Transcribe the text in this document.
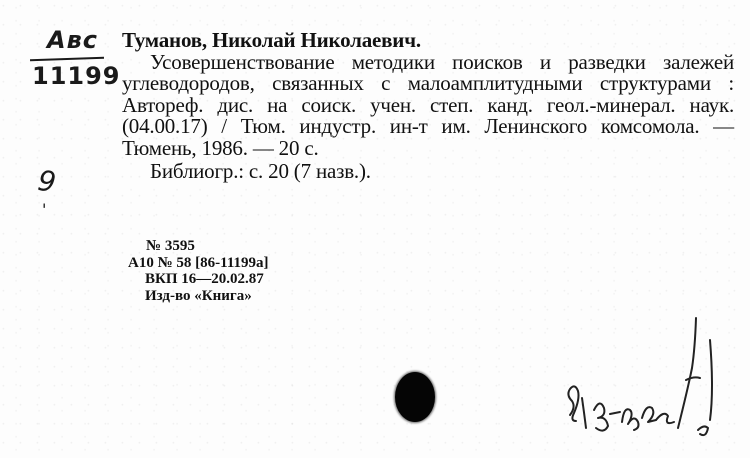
Авс
11199
9
'
Туманов, Николай Николаевич.
Усовершенствование методики поисков и разведки залежей углеводородов, связанных с малоамплитудными структурами : Автореф. дис. на соиск. учен. степ. канд. геол.-минерал. наук. (04.00.17) / Тюм. индустр. ин-т им. Ленинского комсомола. — Тюмень, 1986. — 20 с.
Библиогр.: с. 20 (7 назв.).
№ 3595
А10 № 58 [86-11199а]
ВКП 16—20.02.87
Изд-во «Книга»
